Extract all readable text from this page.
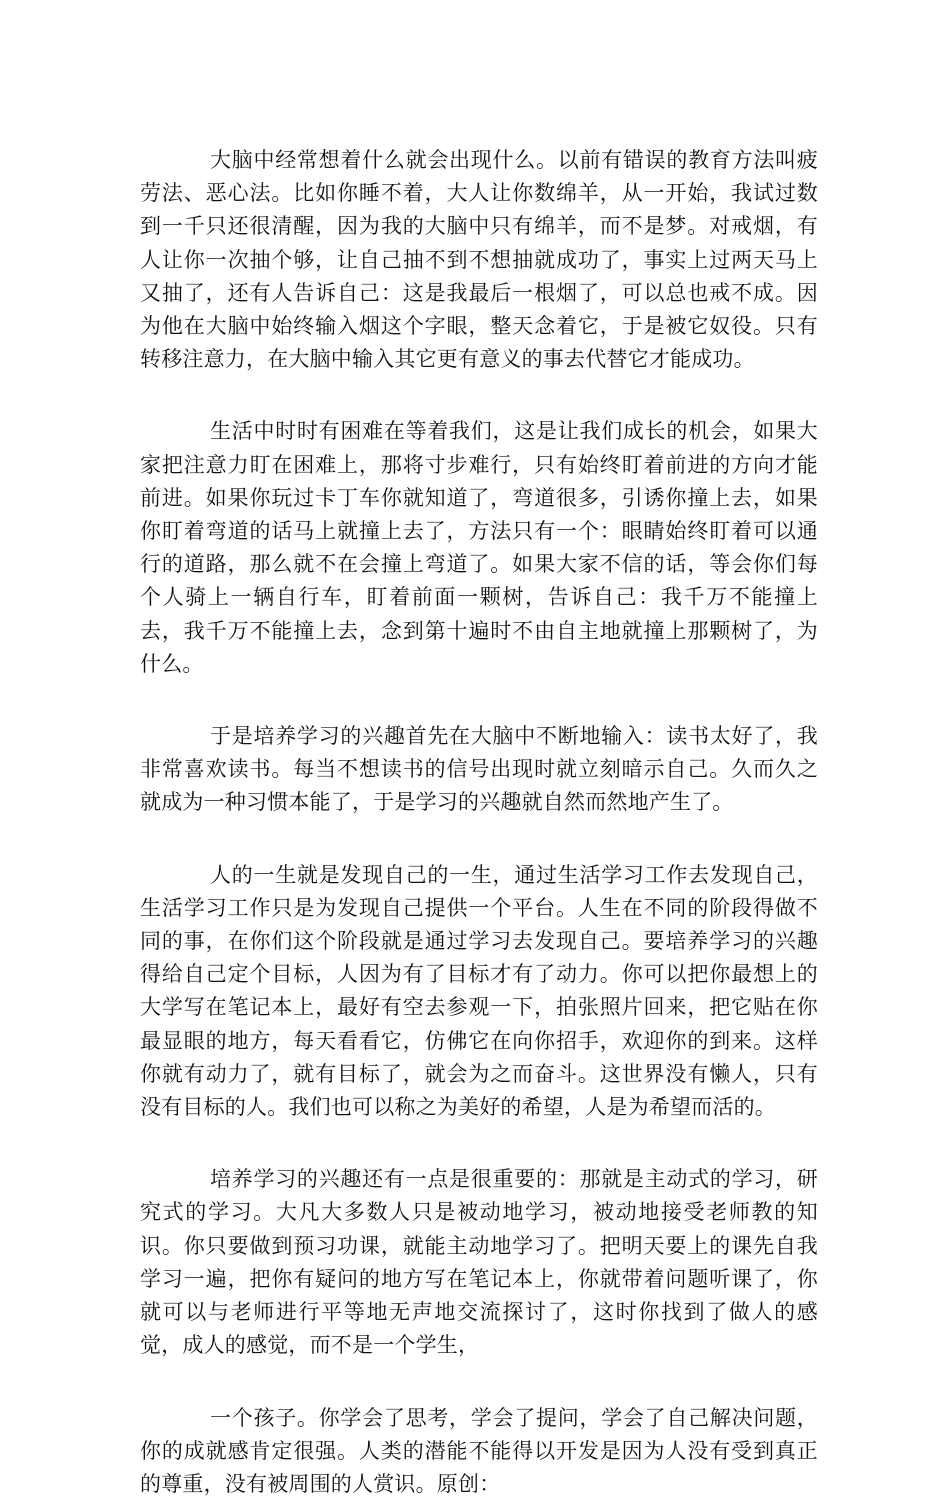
大脑中经常想着什么就会出现什么。以前有错误的教育方法叫疲劳法、恶心法。比如你睡不着，大人让你数绵羊，从一开始，我试过数到一千只还很清醒，因为我的大脑中只有绵羊，而不是梦。对戒烟，有人让你一次抽个够，让自己抽不到不想抽就成功了，事实上过两天马上又抽了，还有人告诉自己：这是我最后一根烟了，可以总也戒不成。因为他在大脑中始终输入烟这个字眼，整天念着它，于是被它奴役。只有转移注意力，在大脑中输入其它更有意义的事去代替它才能成功。

生活中时时有困难在等着我们，这是让我们成长的机会，如果大家把注意力盯在困难上，那将寸步难行，只有始终盯着前进的方向才能前进。如果你玩过卡丁车你就知道了，弯道很多，引诱你撞上去，如果你盯着弯道的话马上就撞上去了，方法只有一个：眼睛始终盯着可以通行的道路，那么就不在会撞上弯道了。如果大家不信的话，等会你们每个人骑上一辆自行车，盯着前面一颗树，告诉自己：我千万不能撞上去，我千万不能撞上去，念到第十遍时不由自主地就撞上那颗树了，为什么。

于是培养学习的兴趣首先在大脑中不断地输入：读书太好了，我非常喜欢读书。每当不想读书的信号出现时就立刻暗示自己。久而久之就成为一种习惯本能了，于是学习的兴趣就自然而然地产生了。

人的一生就是发现自己的一生，通过生活学习工作去发现自己，生活学习工作只是为发现自己提供一个平台。人生在不同的阶段得做不同的事，在你们这个阶段就是通过学习去发现自己。要培养学习的兴趣得给自己定个目标，人因为有了目标才有了动力。你可以把你最想上的大学写在笔记本上，最好有空去参观一下，拍张照片回来，把它贴在你最显眼的地方，每天看看它，仿佛它在向你招手，欢迎你的到来。这样你就有动力了，就有目标了，就会为之而奋斗。这世界没有懒人，只有没有目标的人。我们也可以称之为美好的希望，人是为希望而活的。

培养学习的兴趣还有一点是很重要的：那就是主动式的学习，研究式的学习。大凡大多数人只是被动地学习，被动地接受老师教的知识。你只要做到预习功课，就能主动地学习了。把明天要上的课先自我学习一遍，把你有疑问的地方写在笔记本上，你就带着问题听课了，你就可以与老师进行平等地无声地交流探讨了，这时你找到了做人的感觉，成人的感觉，而不是一个学生，

一个孩子。你学会了思考，学会了提问，学会了自己解决问题，你的成就感肯定很强。人类的潜能不能得以开发是因为人没有受到真正的尊重，没有被周围的人赏识。原创：
